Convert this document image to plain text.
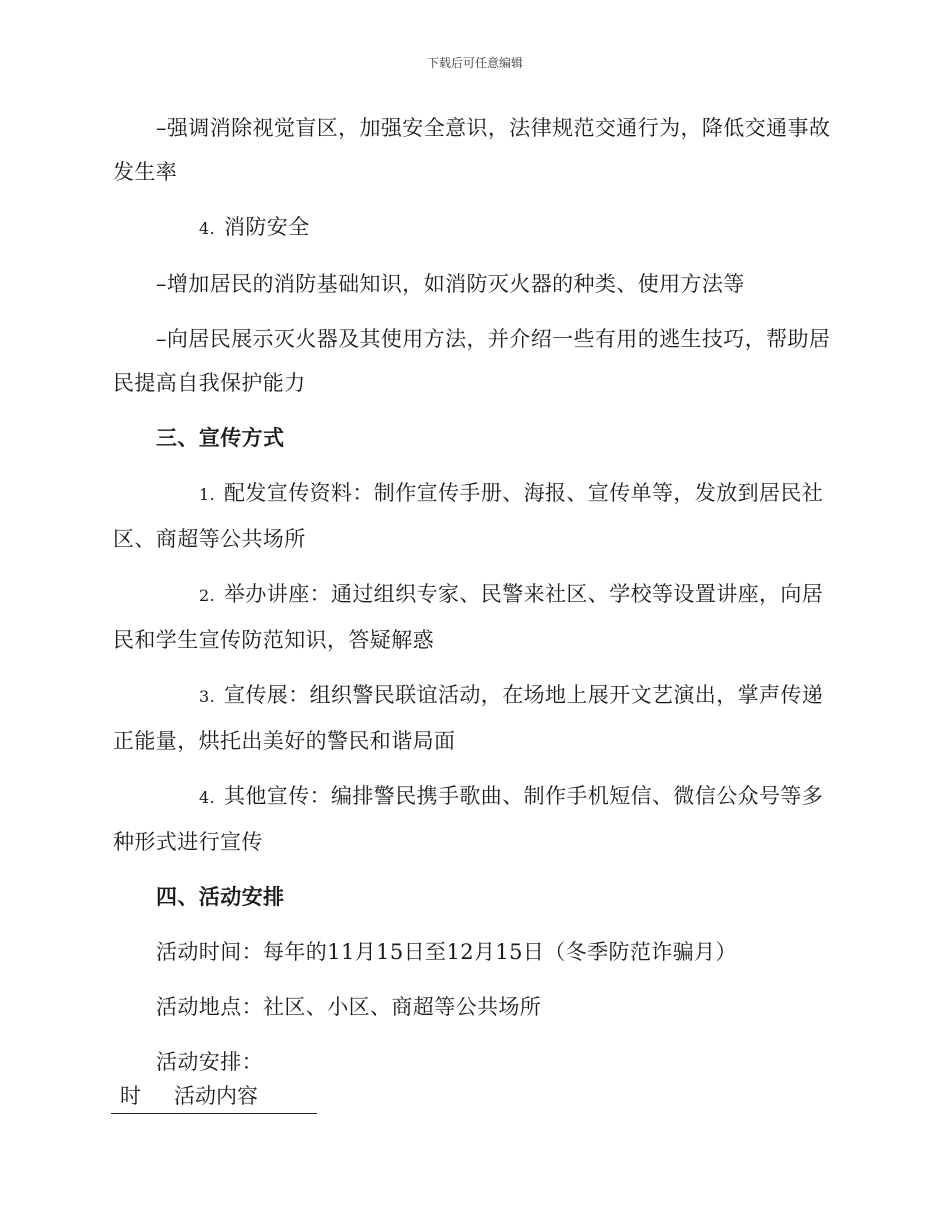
下载后可任意编辑

–强调消除视觉盲区，加强安全意识，法律规范交通行为，降低交通事故发生率

4. 消防安全

–增加居民的消防基础知识，如消防灭火器的种类、使用方法等

–向居民展示灭火器及其使用方法，并介绍一些有用的逃生技巧，帮助居民提高自我保护能力

三、宣传方式

1. 配发宣传资料：制作宣传手册、海报、宣传单等，发放到居民社区、商超等公共场所

2. 举办讲座：通过组织专家、民警来社区、学校等设置讲座，向居民和学生宣传防范知识，答疑解惑

3. 宣传展：组织警民联谊活动，在场地上展开文艺演出，掌声传递正能量，烘托出美好的警民和谐局面

4. 其他宣传：编排警民携手歌曲、制作手机短信、微信公众号等多种形式进行宣传

四、活动安排

活动时间：每年的11月15日至12月15日（冬季防范诈骗月）

活动地点：社区、小区、商超等公共场所

活动安排：

时 活动内容
